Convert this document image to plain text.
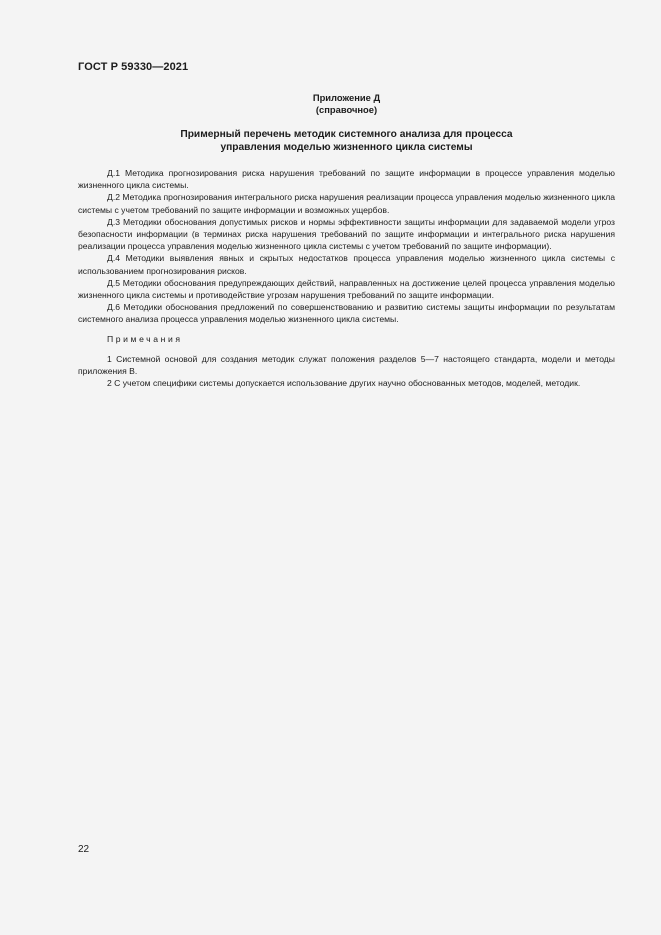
ГОСТ Р 59330—2021
Приложение Д
(справочное)
Примерный перечень методик системного анализа для процесса
управления моделью жизненного цикла системы

Д.1 Методика прогнозирования риска нарушения требований по защите информации в процессе управления моделью жизненного цикла системы.

Д.2 Методика прогнозирования интегрального риска нарушения реализации процесса управления моделью жизненного цикла системы с учетом требований по защите информации и возможных ущербов.

Д.3 Методики обоснования допустимых рисков и нормы эффективности защиты информации для задаваемой модели угроз безопасности информации (в терминах риска нарушения требований по защите информации и интегрального риска нарушения реализации процесса управления моделью жизненного цикла системы с учетом требований по защите информации).

Д.4 Методики выявления явных и скрытых недостатков процесса управления моделью жизненного цикла системы с использованием прогнозирования рисков.

Д.5 Методики обоснования предупреждающих действий, направленных на достижение целей процесса управления моделью жизненного цикла системы и противодействие угрозам нарушения требований по защите информации.

Д.6 Методики обоснования предложений по совершенствованию и развитию системы защиты информации по результатам системного анализа процесса управления моделью жизненного цикла системы.

Примечания

1 Системной основой для создания методик служат положения разделов 5—7 настоящего стандарта, модели и методы приложения В.

2 С учетом специфики системы допускается использование других научно обоснованных методов, моделей, методик.

22
